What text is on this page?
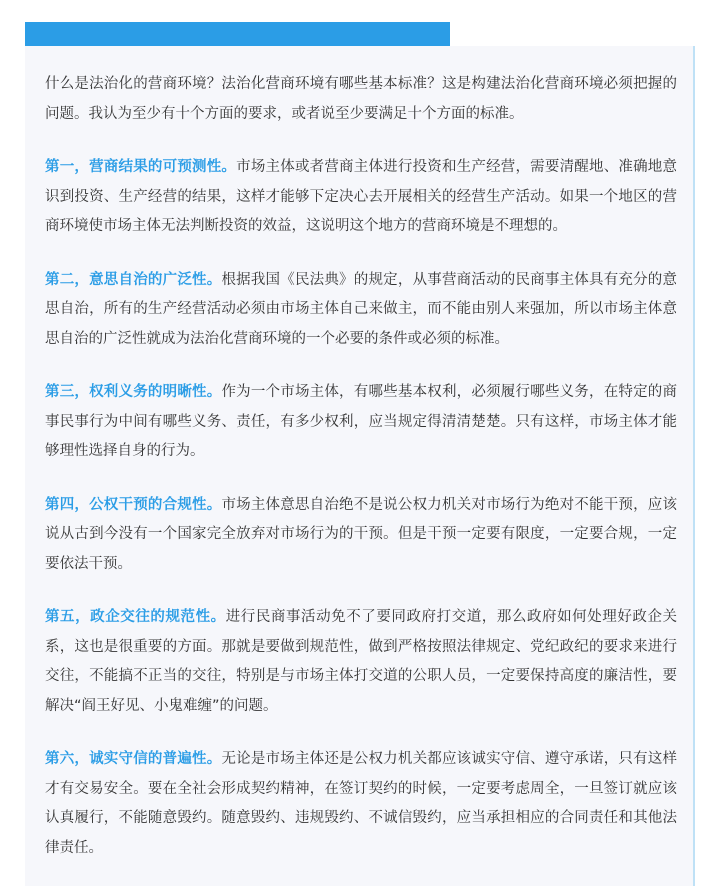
什么是法治化的营商环境？法治化营商环境有哪些基本标准？这是构建法治化营商环境必须把握的问题。我认为至少有十个方面的要求，或者说至少要满足十个方面的标准。

第一，营商结果的可预测性。市场主体或者营商主体进行投资和生产经营，需要清醒地、准确地意识到投资、生产经营的结果，这样才能够下定决心去开展相关的经营生产活动。如果一个地区的营商环境使市场主体无法判断投资的效益，这说明这个地方的营商环境是不理想的。

第二，意思自治的广泛性。根据我国《民法典》的规定，从事营商活动的民商事主体具有充分的意思自治，所有的生产经营活动必须由市场主体自己来做主，而不能由别人来强加，所以市场主体意思自治的广泛性就成为法治化营商环境的一个必要的条件或必须的标准。

第三，权利义务的明晰性。作为一个市场主体，有哪些基本权利，必须履行哪些义务，在特定的商事民事行为中间有哪些义务、责任，有多少权利，应当规定得清清楚楚。只有这样，市场主体才能够理性选择自身的行为。

第四，公权干预的合规性。市场主体意思自治绝不是说公权力机关对市场行为绝对不能干预，应该说从古到今没有一个国家完全放弃对市场行为的干预。但是干预一定要有限度，一定要合规，一定要依法干预。

第五，政企交往的规范性。进行民商事活动免不了要同政府打交道，那么政府如何处理好政企关系，这也是很重要的方面。那就是要做到规范性，做到严格按照法律规定、党纪政纪的要求来进行交往，不能搞不正当的交往，特别是与市场主体打交道的公职人员，一定要保持高度的廉洁性，要解决“阎王好见、小鬼难缠”的问题。

第六，诚实守信的普遍性。无论是市场主体还是公权力机关都应该诚实守信、遵守承诺，只有这样才有交易安全。要在全社会形成契约精神，在签订契约的时候，一定要考虑周全，一旦签订就应该认真履行，不能随意毁约。随意毁约、违规毁约、不诚信毁约，应当承担相应的合同责任和其他法律责任。
